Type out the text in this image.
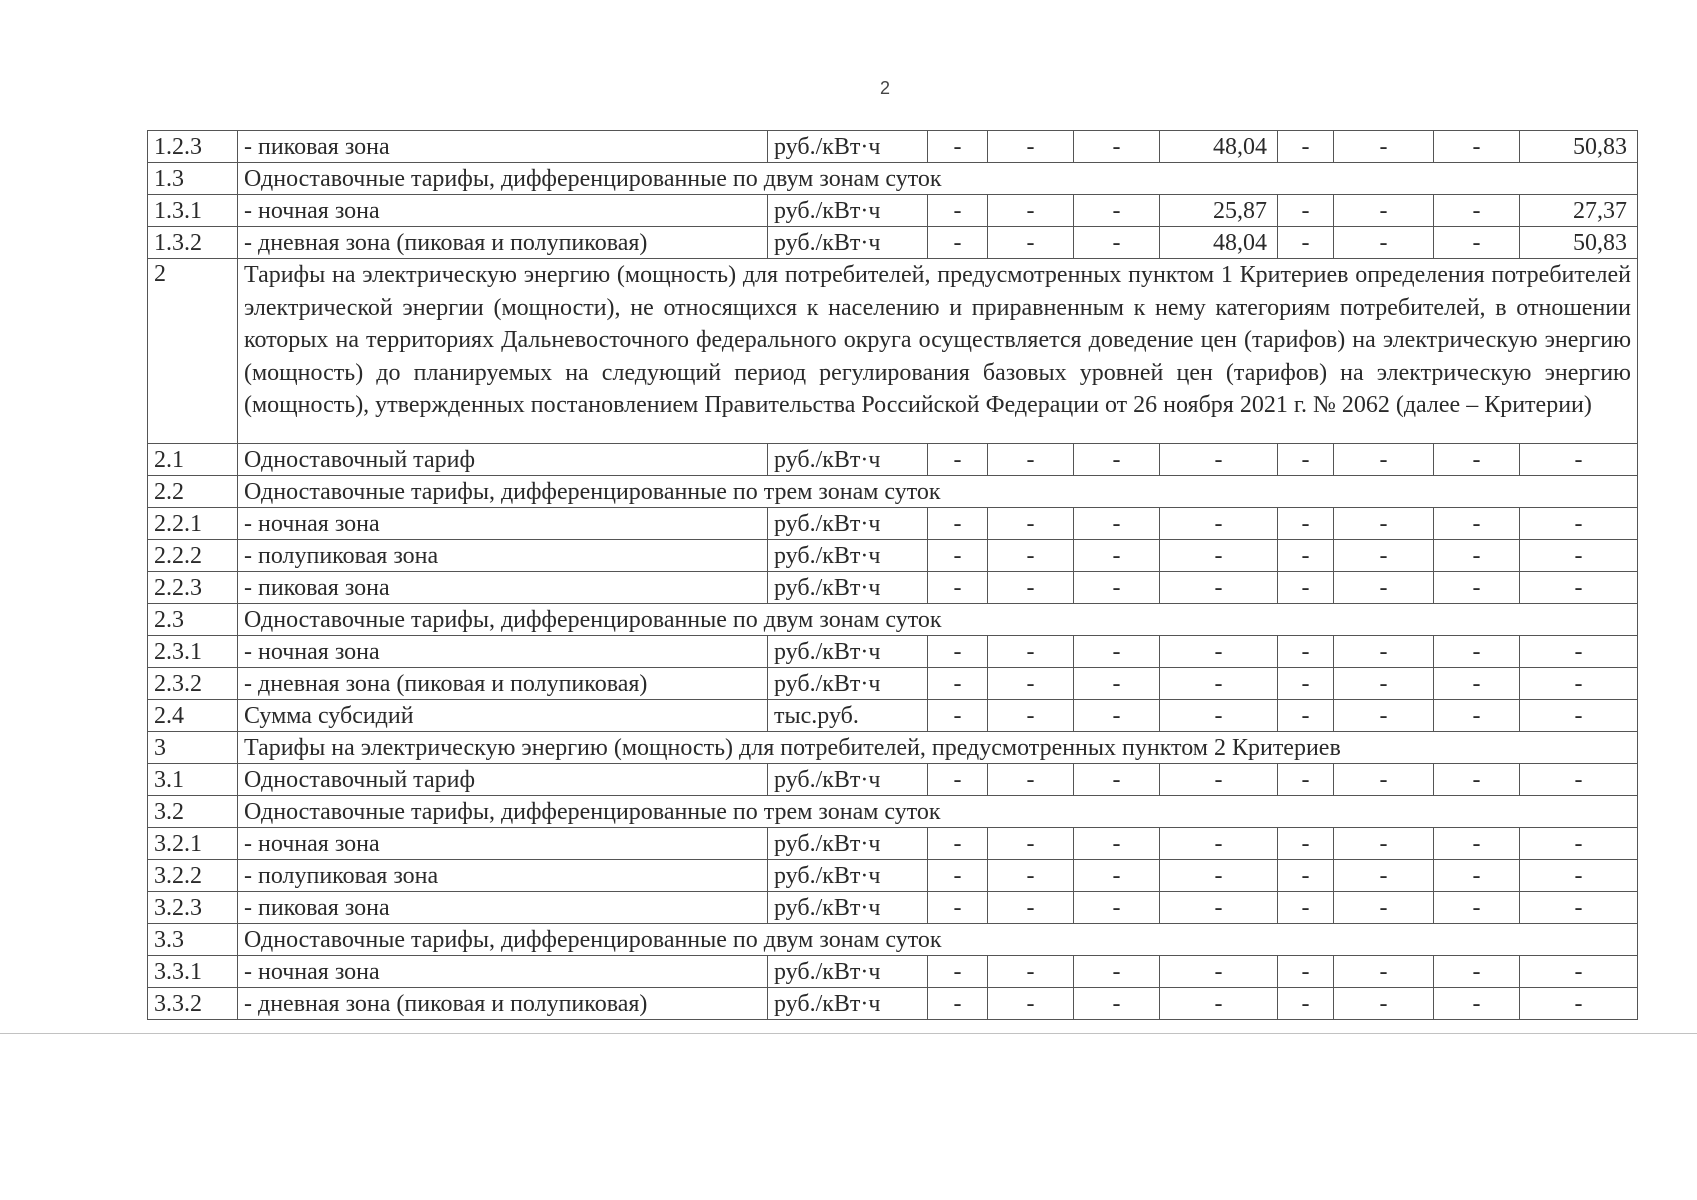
2
1.2.3	- пиковая зона	руб./кВт·ч	-	-	-	48,04	-	-	-	50,83
1.3	Одноставочные тарифы, дифференцированные по двум зонам суток									
1.3.1	- ночная зона	руб./кВт·ч	-	-	-	25,87	-	-	-	27,37
1.3.2	- дневная зона (пиковая и полупиковая)	руб./кВт·ч	-	-	-	48,04	-	-	-	50,83
2	Тарифы на электрическую энергию (мощность) для потребителей, предусмотренных пунктом 1 Критериев определения потребителей электрической энергии (мощности), не относящихся к населению и приравненным к нему категориям потребителей, в отношении которых на территориях Дальневосточного федерального округа осуществляется доведение цен (тарифов) на электрическую энергию (мощность) до планируемых на следующий период регулирования базовых уровней цен (тарифов) на электрическую энергию (мощность), утвержденных постановлением Правительства Российской Федерации от 26 ноября 2021 г. № 2062 (далее – Критерии)									
2.1	Одноставочный тариф	руб./кВт·ч	-	-	-	-	-	-	-	-
2.2	Одноставочные тарифы, дифференцированные по трем зонам суток									
2.2.1	- ночная зона	руб./кВт·ч	-	-	-	-	-	-	-	-
2.2.2	- полупиковая зона	руб./кВт·ч	-	-	-	-	-	-	-	-
2.2.3	- пиковая зона	руб./кВт·ч	-	-	-	-	-	-	-	-
2.3	Одноставочные тарифы, дифференцированные по двум зонам суток									
2.3.1	- ночная зона	руб./кВт·ч	-	-	-	-	-	-	-	-
2.3.2	- дневная зона (пиковая и полупиковая)	руб./кВт·ч	-	-	-	-	-	-	-	-
2.4	Сумма субсидий	тыс.руб.	-	-	-	-	-	-	-	-
3	Тарифы на электрическую энергию (мощность) для потребителей, предусмотренных пунктом 2 Критериев									
3.1	Одноставочный тариф	руб./кВт·ч	-	-	-	-	-	-	-	-
3.2	Одноставочные тарифы, дифференцированные по трем зонам суток									
3.2.1	- ночная зона	руб./кВт·ч	-	-	-	-	-	-	-	-
3.2.2	- полупиковая зона	руб./кВт·ч	-	-	-	-	-	-	-	-
3.2.3	- пиковая зона	руб./кВт·ч	-	-	-	-	-	-	-	-
3.3	Одноставочные тарифы, дифференцированные по двум зонам суток									
3.3.1	- ночная зона	руб./кВт·ч	-	-	-	-	-	-	-	-
3.3.2	- дневная зона (пиковая и полупиковая)	руб./кВт·ч	-	-	-	-	-	-	-	-
